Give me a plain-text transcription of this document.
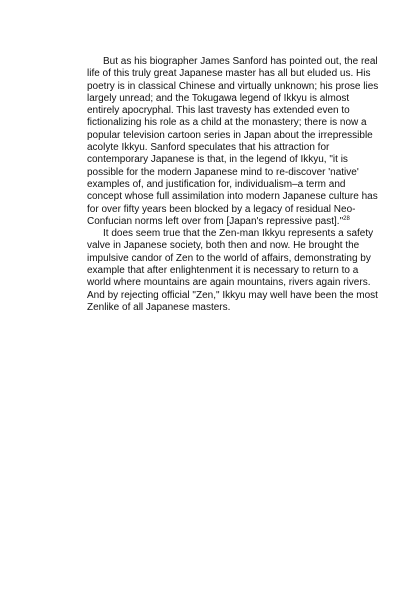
But as his biographer James Sanford has pointed out, the real
life of this truly great Japanese master has all but eluded us. His
poetry is in classical Chinese and virtually unknown; his prose lies
largely unread; and the Tokugawa legend of Ikkyu is almost
entirely apocryphal. This last travesty has extended even to
fictionalizing his role as a child at the monastery; there is now a
popular television cartoon series in Japan about the irrepressible
acolyte Ikkyu. Sanford speculates that his attraction for
contemporary Japanese is that, in the legend of Ikkyu, "it is
possible for the modern Japanese mind to re-discover 'native'
examples of, and justification for, individualism–a term and
concept whose full assimilation into modern Japanese culture has
for over fifty years been blocked by a legacy of residual Neo-
Confucian norms left over from [Japan's repressive past]."$^{28}$
It does seem true that the Zen-man Ikkyu represents a safety
valve in Japanese society, both then and now. He brought the
impulsive candor of Zen to the world of affairs, demonstrating by
example that after enlightenment it is necessary to return to a
world where mountains are again mountains, rivers again rivers.
And by rejecting official "Zen," Ikkyu may well have been the most
Zenlike of all Japanese masters.
